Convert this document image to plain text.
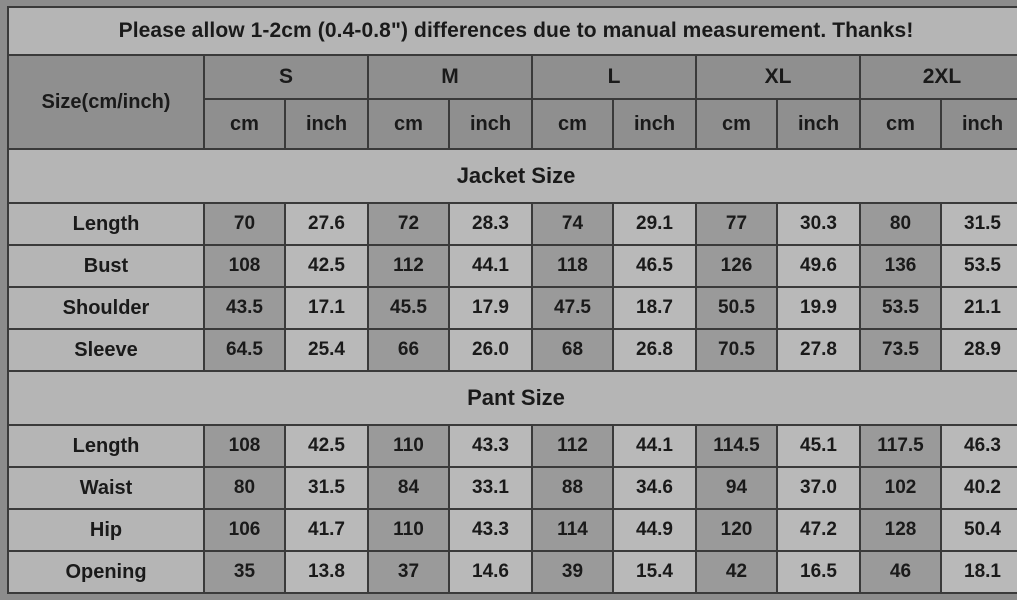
Please allow 1-2cm (0.4-0.8") differences due to manual measurement. Thanks!										
Size(cm/inch)	S		M		L		XL		2XL	
	cm	inch	cm	inch	cm	inch	cm	inch	cm	inch
Jacket Size										
Length	70	27.6	72	28.3	74	29.1	77	30.3	80	31.5
Bust	108	42.5	112	44.1	118	46.5	126	49.6	136	53.5
Shoulder	43.5	17.1	45.5	17.9	47.5	18.7	50.5	19.9	53.5	21.1
Sleeve	64.5	25.4	66	26.0	68	26.8	70.5	27.8	73.5	28.9
Pant Size										
Length	108	42.5	110	43.3	112	44.1	114.5	45.1	117.5	46.3
Waist	80	31.5	84	33.1	88	34.6	94	37.0	102	40.2
Hip	106	41.7	110	43.3	114	44.9	120	47.2	128	50.4
Opening	35	13.8	37	14.6	39	15.4	42	16.5	46	18.1
